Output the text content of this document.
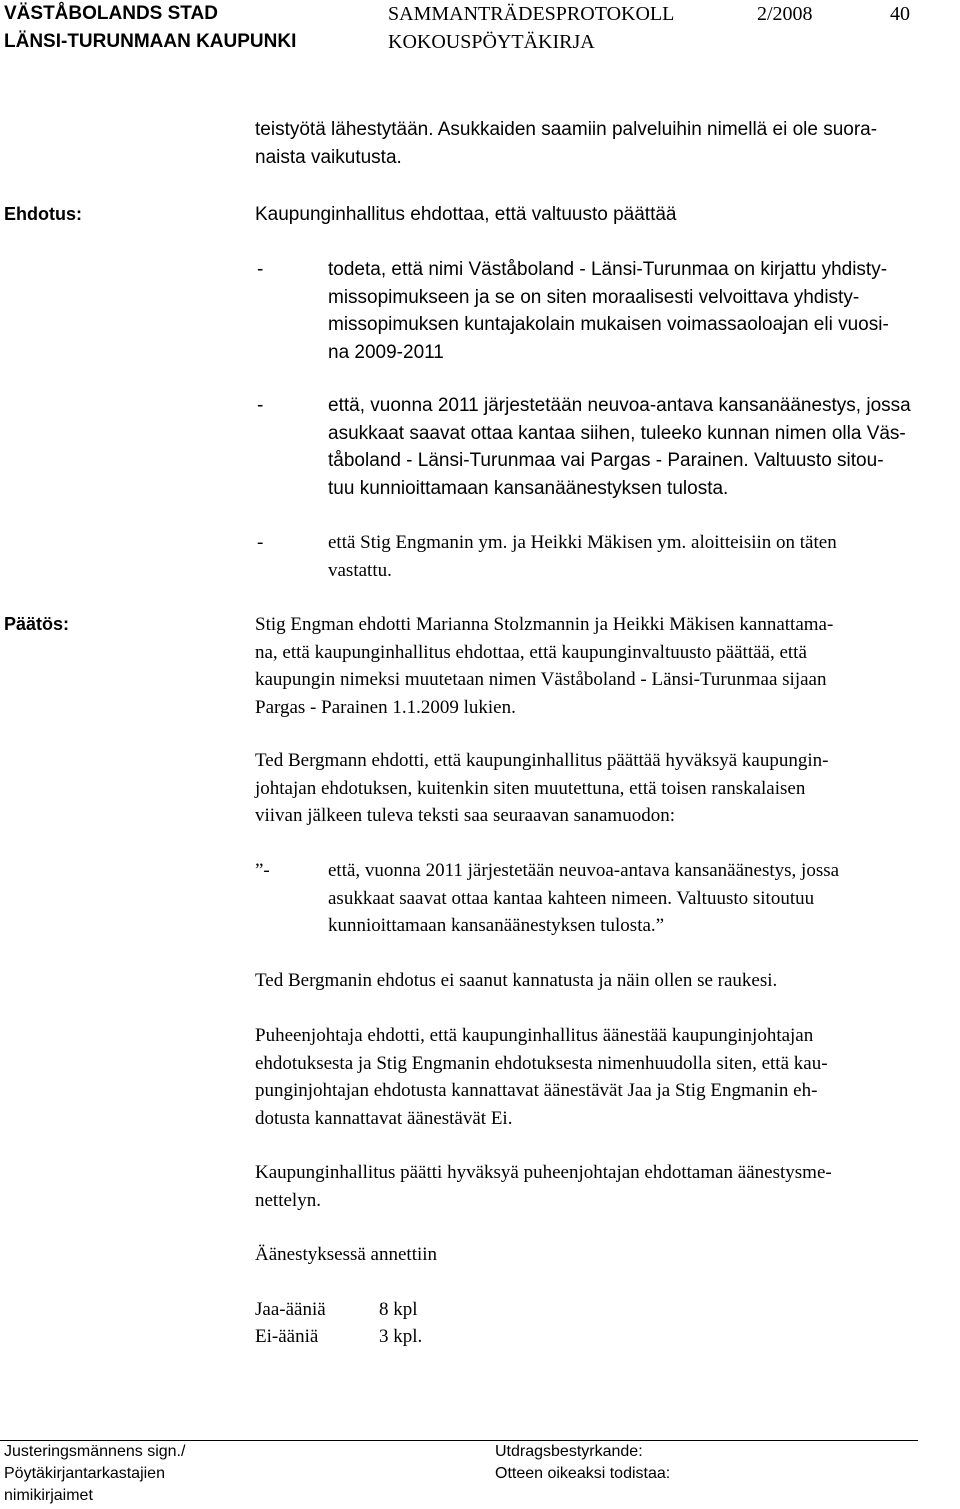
VÄSTÅBOLANDS STAD
LÄNSI-TURUNMAAN KAUPUNKI
SAMMANTRÄDESPROTOKOLL
KOKOUSPÖYTÄKIRJA
2/2008	40
teistyötä lähestytään. Asukkaiden saamiin palveluihin nimellä ei ole suora-
naista vaikutusta.
Ehdotus:	Kaupunginhallitus ehdottaa, että valtuusto päättää
-	todeta, että nimi Väståboland - Länsi-Turunmaa on kirjattu yhdisty-
missopimukseen ja se on siten moraalisesti velvoittava yhdisty-
missopimuksen kuntajakolain mukaisen voimassaoloajan eli vuosi-
na 2009-2011
-	että, vuonna 2011 järjestetään neuvoa-antava kansanäänestys, jossa
asukkaat saavat ottaa kantaa siihen, tuleeko kunnan nimen olla Väs-
tåboland - Länsi-Turunmaa vai Pargas - Parainen. Valtuusto sitou-
tuu kunnioittamaan kansanäänestyksen tulosta.
-	että Stig Engmanin ym. ja Heikki Mäkisen ym. aloitteisiin on täten
vastattu.
Päätös:	Stig Engman ehdotti Marianna Stolzmannin ja Heikki Mäkisen kannattama-
na, että kaupunginhallitus ehdottaa, että kaupunginvaltuusto päättää, että
kaupungin nimeksi muutetaan nimen Väståboland - Länsi-Turunmaa sijaan
Pargas - Parainen 1.1.2009 lukien.
Ted Bergmann ehdotti, että kaupunginhallitus päättää hyväksyä kaupungin-
johtajan ehdotuksen, kuitenkin siten muutettuna, että toisen ranskalaisen
viivan jälkeen tuleva teksti saa seuraavan sanamuodon:
”-	että, vuonna 2011 järjestetään neuvoa-antava kansanäänestys, jossa
asukkaat saavat ottaa kantaa kahteen nimeen. Valtuusto sitoutuu
kunnioittamaan kansanäänestyksen tulosta.”
Ted Bergmanin ehdotus ei saanut kannatusta ja näin ollen se raukesi.
Puheenjohtaja ehdotti, että kaupunginhallitus äänestää kaupunginjohtajan
ehdotuksesta ja Stig Engmanin ehdotuksesta nimenhuudolla siten, että kau-
punginjohtajan ehdotusta kannattavat äänestävät Jaa ja Stig Engmanin eh-
dotusta kannattavat äänestävät Ei.
Kaupunginhallitus päätti hyväksyä puheenjohtajan ehdottaman äänestysme-
nettelyn.
Äänestyksessä annettiin
Jaa-ääniä	8 kpl
Ei-ääniä	3 kpl.
Justeringsmännens sign./
Pöytäkirjantarkastajien
nimikirjaimet
Utdragsbestyrkande:
Otteen oikeaksi todistaa:
